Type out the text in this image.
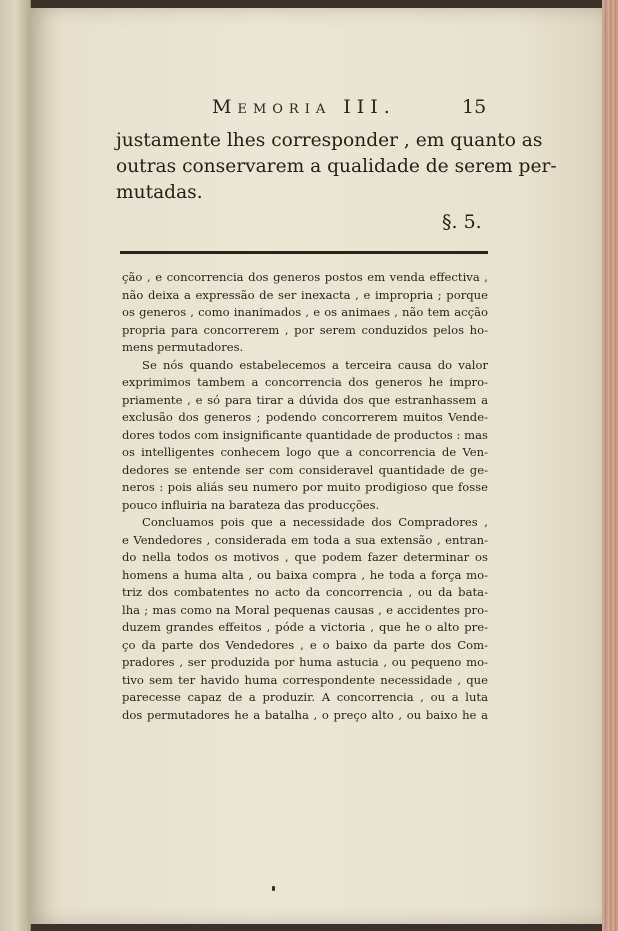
Memoria III.	15
justamente lhes corresponder , em quanto as
outras conservarem a qualidade de serem per-
mutadas.
§. 5.
ção , e concorrencia dos generos postos em venda effectiva ,
não deixa a expressão de ser inexacta , e impropria ; porque
os generos , como inanimados , e os animaes , não tem acção
propria para concorrerem , por serem conduzidos pelos ho-
mens permutadores.
Se nós quando estabelecemos a terceira causa do valor
exprimimos tambem a concorrencia dos generos he impro-
priamente , e só para tirar a dúvida dos que estranhassem a
exclusão dos generos ; podendo concorrerem muitos Vende-
dores todos com insignificante quantidade de productos : mas
os intelligentes conhecem logo que a concorrencia de Ven-
dedores se entende ser com consideravel quantidade de ge-
neros : pois aliás seu numero por muito prodigioso que fosse
pouco influiria na barateza das producções.
Concluamos pois que a necessidade dos Compradores ,
e Vendedores , considerada em toda a sua extensão , entran-
do nella todos os motivos , que podem fazer determinar os
homens a huma alta , ou baixa compra , he toda a força mo-
triz dos combatentes no acto da concorrencia , ou da bata-
lha ; mas como na Moral pequenas causas , e accidentes pro-
duzem grandes effeitos , póde a victoria , que he o alto pre-
ço da parte dos Vendedores , e o baixo da parte dos Com-
pradores , ser produzida por huma astucia , ou pequeno mo-
tivo sem ter havido huma correspondente necessidade , que
parecesse capaz de a produzir. A concorrencia , ou a luta
dos permutadores he a batalha , o preço alto , ou baixo he a
